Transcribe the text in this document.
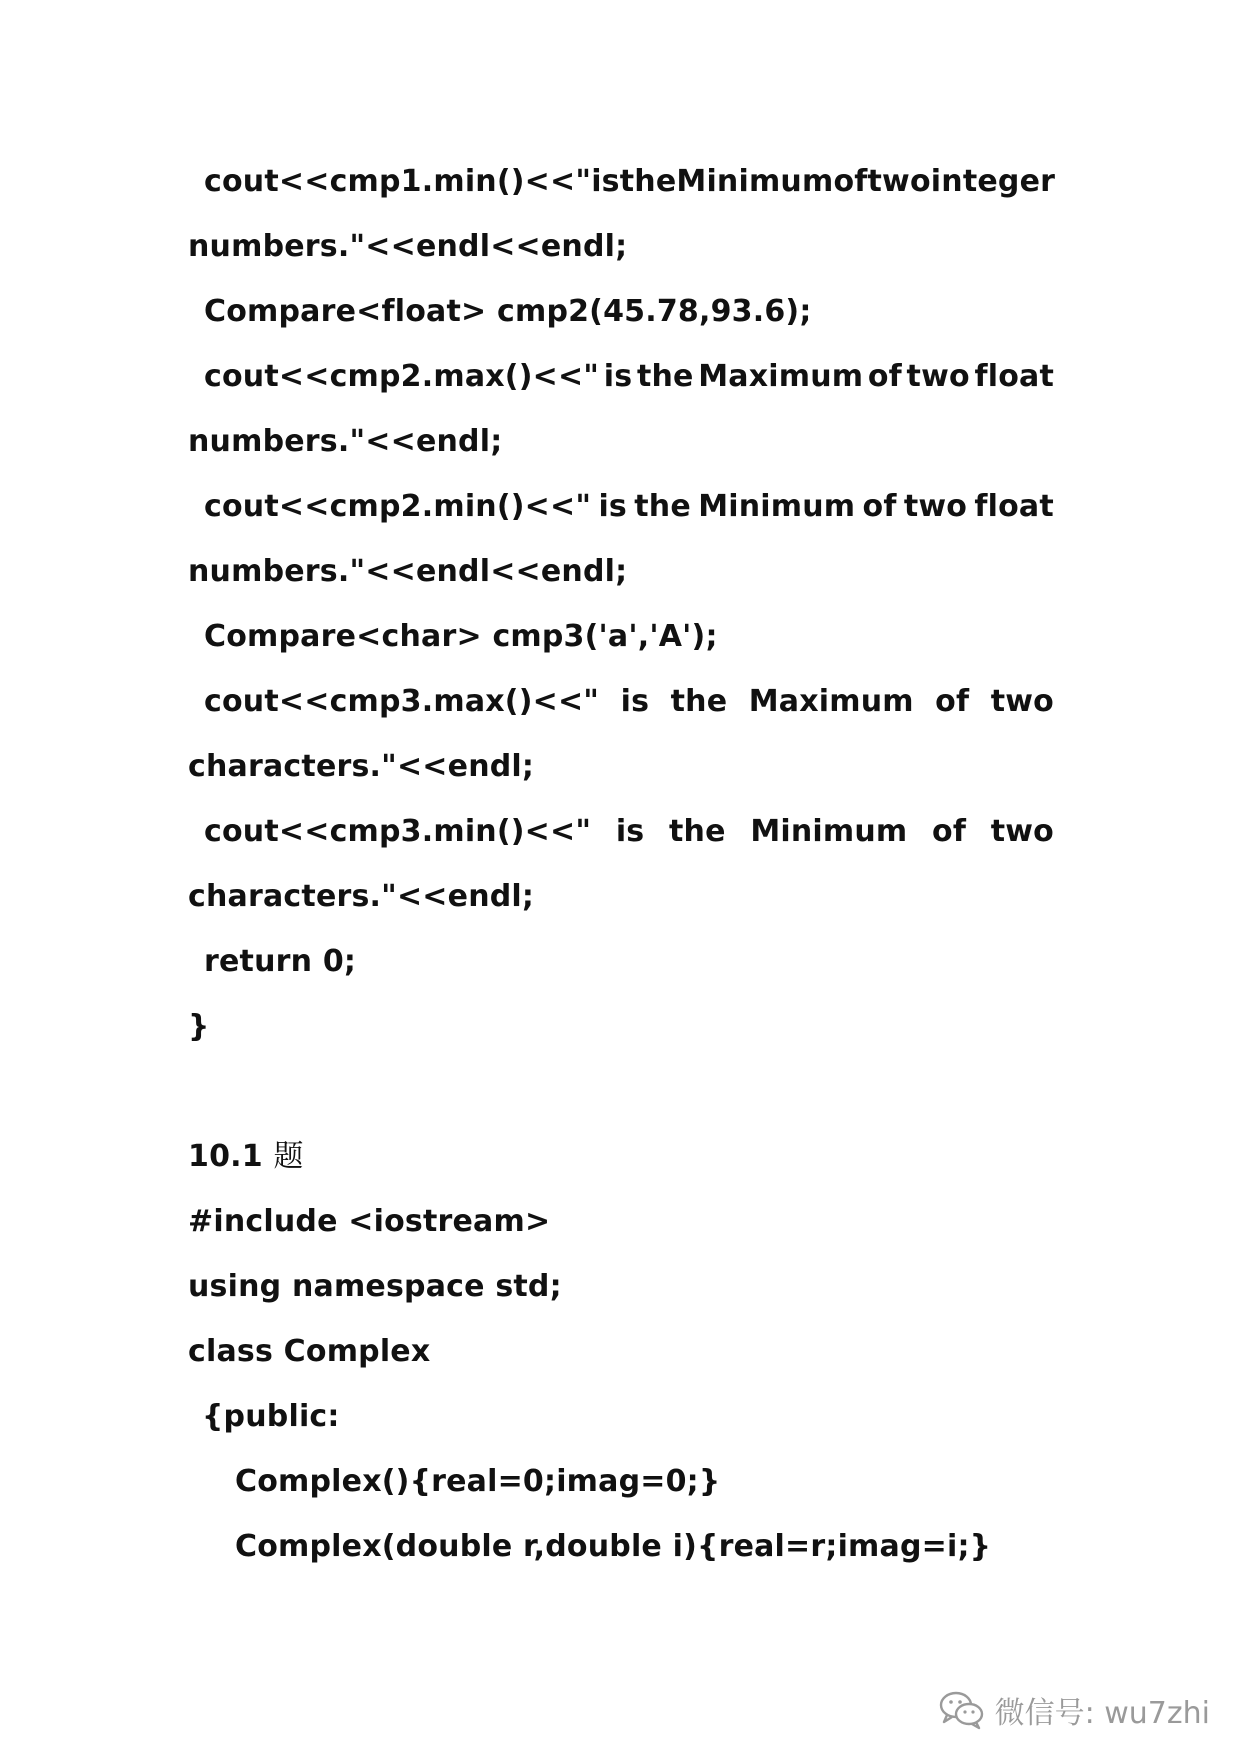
cout<<cmp1.min()<<" is the Minimum of two integer
numbers."<<endl<<endl;
Compare<float> cmp2(45.78,93.6);
cout<<cmp2.max()<<" is the Maximum of two float
numbers."<<endl;
cout<<cmp2.min()<<" is the Minimum of two float
numbers."<<endl<<endl;
Compare<char> cmp3('a','A');
cout<<cmp3.max()<<" is the Maximum of two
characters."<<endl;
cout<<cmp3.min()<<" is the Minimum of two
characters."<<endl;
return 0;
}
10.1 题
#include <iostream>
using namespace std;
class Complex
{public:
Complex(){real=0;imag=0;}
Complex(double r,double i){real=r;imag=i;}
微信号: wu7zhi
